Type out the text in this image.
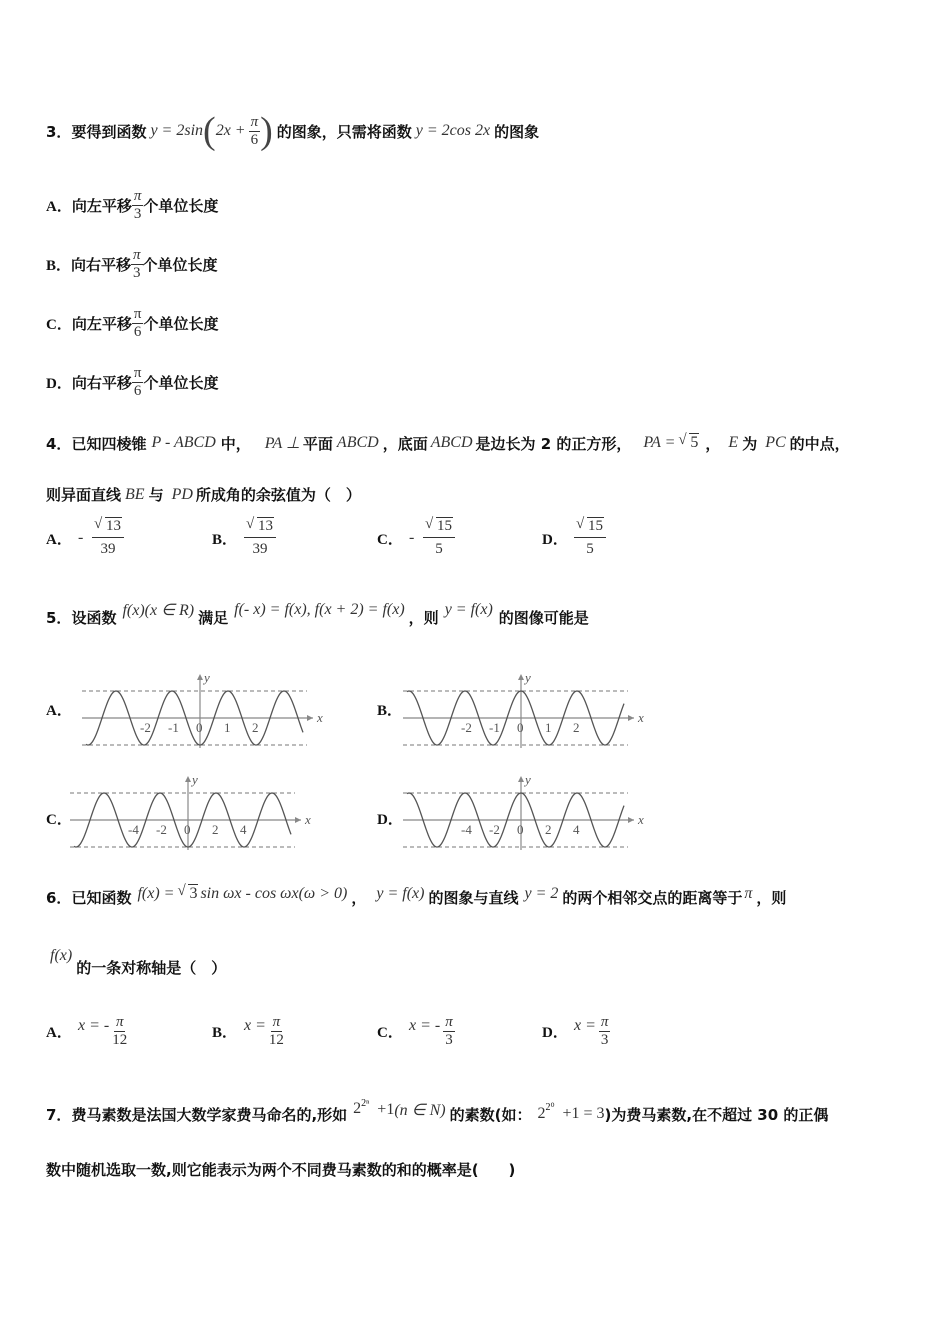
3． 要得到函数 y = 2sin ( $2x + \frac{\pi}{6}$ ) 的图象，只需将函数 y = 2cos 2x 的图象
A． 向左平移 $\frac{\pi}{3}$ 个单位长度
B． 向右平移 $\frac{\pi}{3}$ 个单位长度
C． 向左平移 $\frac{\pi}{6}$ 个单位长度
D． 向右平移 $\frac{\pi}{6}$ 个单位长度
4． 已知四棱锥 P - ABCD 中， PA ⊥ 平面 ABCD ，底面 ABCD 是边长为 2 的正方形， PA = √ 5 ， E 为 PC 的中点，
则异面直线 BE 与 PD 所成角的余弦值为（　）
A． - $\frac{√ 13}{39}$	B． $\frac{√ 13}{39}$	C． - $\frac{√ 15}{5}$	D． $\frac{√ 15}{5}$
5． 设函数 f(x)(x ∈ R) 满足 f(- x) = f(x), f(x + 2) = f(x) ，则 y = f(x) 的图像可能是
A．	B．
C．	D．
x
y
-2 -1 0 1 2
x
y
-2 -1 0 1 2
x
y
-4 -2 0 2 4
x
y
-4 -2 0 2 4
6． 已知函数 f(x) = √ 3 sin ωx - cos ωx(ω > 0) ， y = f(x) 的图象与直线 y = 2 的两个相邻交点的距离等于 π ，则
f(x)
的一条对称轴是（　）
A． x = - $\frac{\pi}{12}$	B． $x = \frac{\pi}{12}$	C． x = - $\frac{\pi}{3}$	D． $x = \frac{\pi}{3}$
7． 费马素数是法国大数学家费马命名的,形如 $2^{2^n} +1$ (n ∈ N) 的素数(如： $2^{2^0} +1 = 3$ )为费马素数,在不超过 30 的正偶
数中随机选取一数,则它能表示为两个不同费马素数的和的概率是(　　)
